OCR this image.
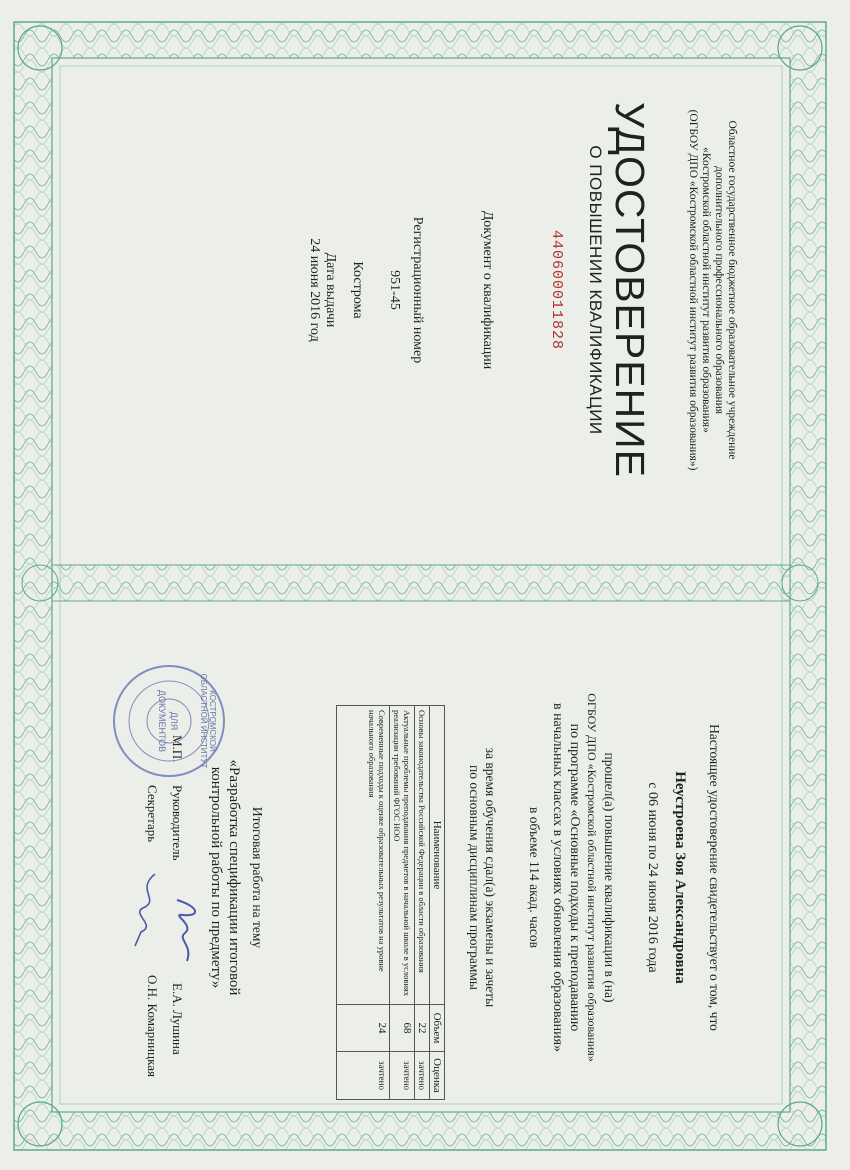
Областное государственное бюджетное образовательное учреждение
дополнительного профессионального образования
«Костромской областной институт развития образования»
(ОГБОУ ДПО «Костромской областной институт развития образования»)
УДОСТОВЕРЕНИЕ
О ПОВЫШЕНИИ КВАЛИФИКАЦИИ
440600011828
Документ о квалификации
Регистрационный номер
951-45
Кострома
Дата выдачи
24 июня 2016 год
Настоящее удостоверение свидетельствует о том, что
Неустроева Зоя Александровна
с 06 июня по 24 июня 2016 года
прошел(а) повышение квалификации в (на)
ОГБОУ ДПО «Костромской областной институт развития образования»
по программе «Основные подходы к преподаванию
в начальных классах в условиях обновления образования»
в объеме 114 акад. часов
за время обучения сдал(а) экзамены и зачеты
по основным дисциплинам программы
Наименование	Объем	Оценка
Основы законодательства Российской Федерации в области образования	22	зачтено
Актуальные проблемы преподавания предметов в начальной школе в условиях реализации требований ФГОС НОО	68	зачтено
Современные подходы к оценке образовательных результатов на уровне начального образования	24	зачтено
Итоговая работа на тему
«Разработка спецификации итоговой
контрольной работы по предмету»
М.П.
Руководитель
Е.А. Лушина
Секретарь
О.Н. Комарницкая
КОСТРОМСКОЙ ОБЛАСТНОЙ ИНСТИТУТ
ДЛЯ
ДОКУМЕНТОВ
